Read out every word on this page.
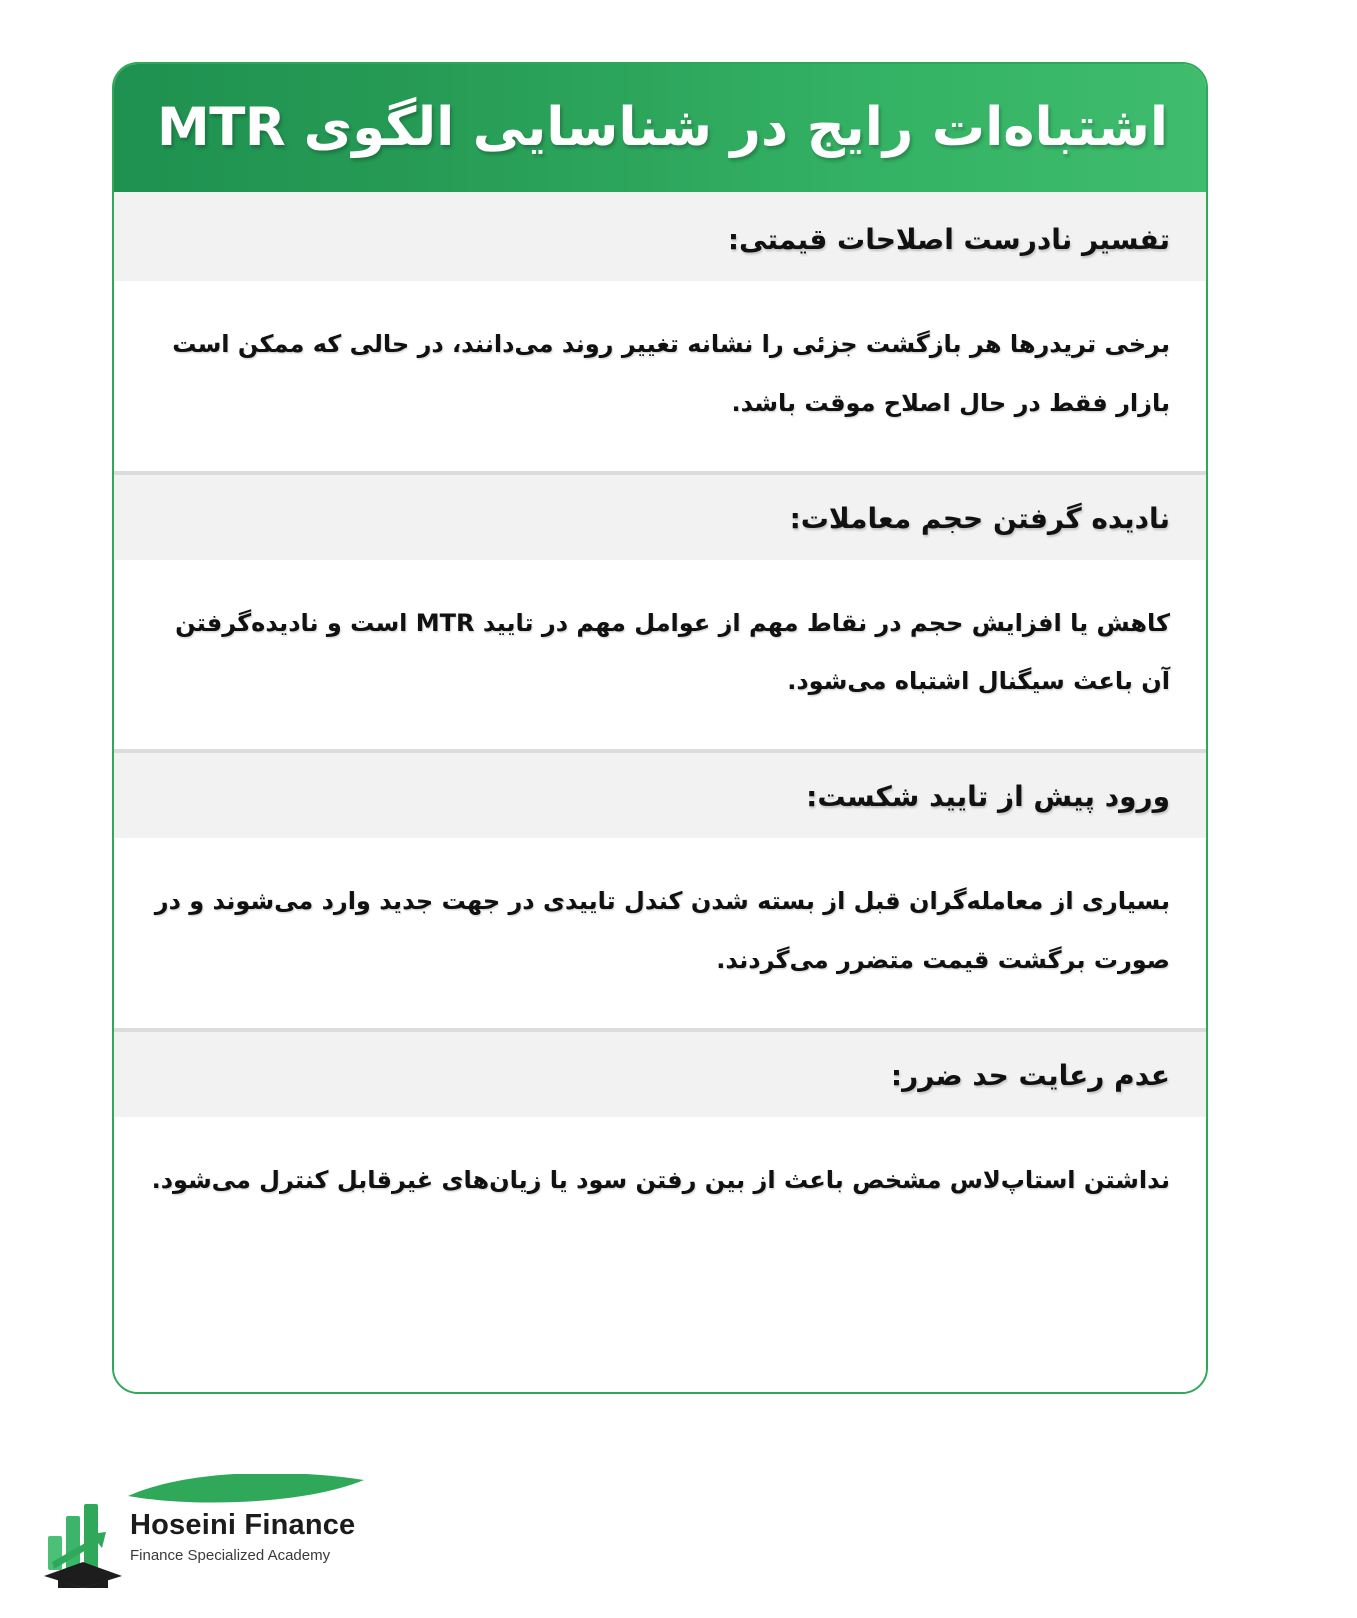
اشتباه‌ات رایج در شناسایی الگوی MTR
تفسیر نادرست اصلاحات قیمتی:
برخی تریدرها هر بازگشت جزئی را نشانه تغییر روند می‌دانند، در حالی که ممکن است بازار فقط در حال اصلاح موقت باشد.
نادیده گرفتن حجم معاملات:
کاهش یا افزایش حجم در نقاط مهم از عوامل مهم در تایید MTR است و نادیده‌گرفتن آن باعث سیگنال اشتباه می‌شود.
ورود پیش از تایید شکست:
بسیاری از معامله‌گران قبل از بسته شدن کندل تاییدی در جهت جدید وارد می‌شوند و در صورت برگشت قیمت متضرر می‌گردند.
عدم رعایت حد ضرر:
نداشتن استاپ‌لاس مشخص باعث از بین رفتن سود یا زیان‌های غیرقابل کنترل می‌شود.
Hoseini Finance
Finance Specialized Academy
